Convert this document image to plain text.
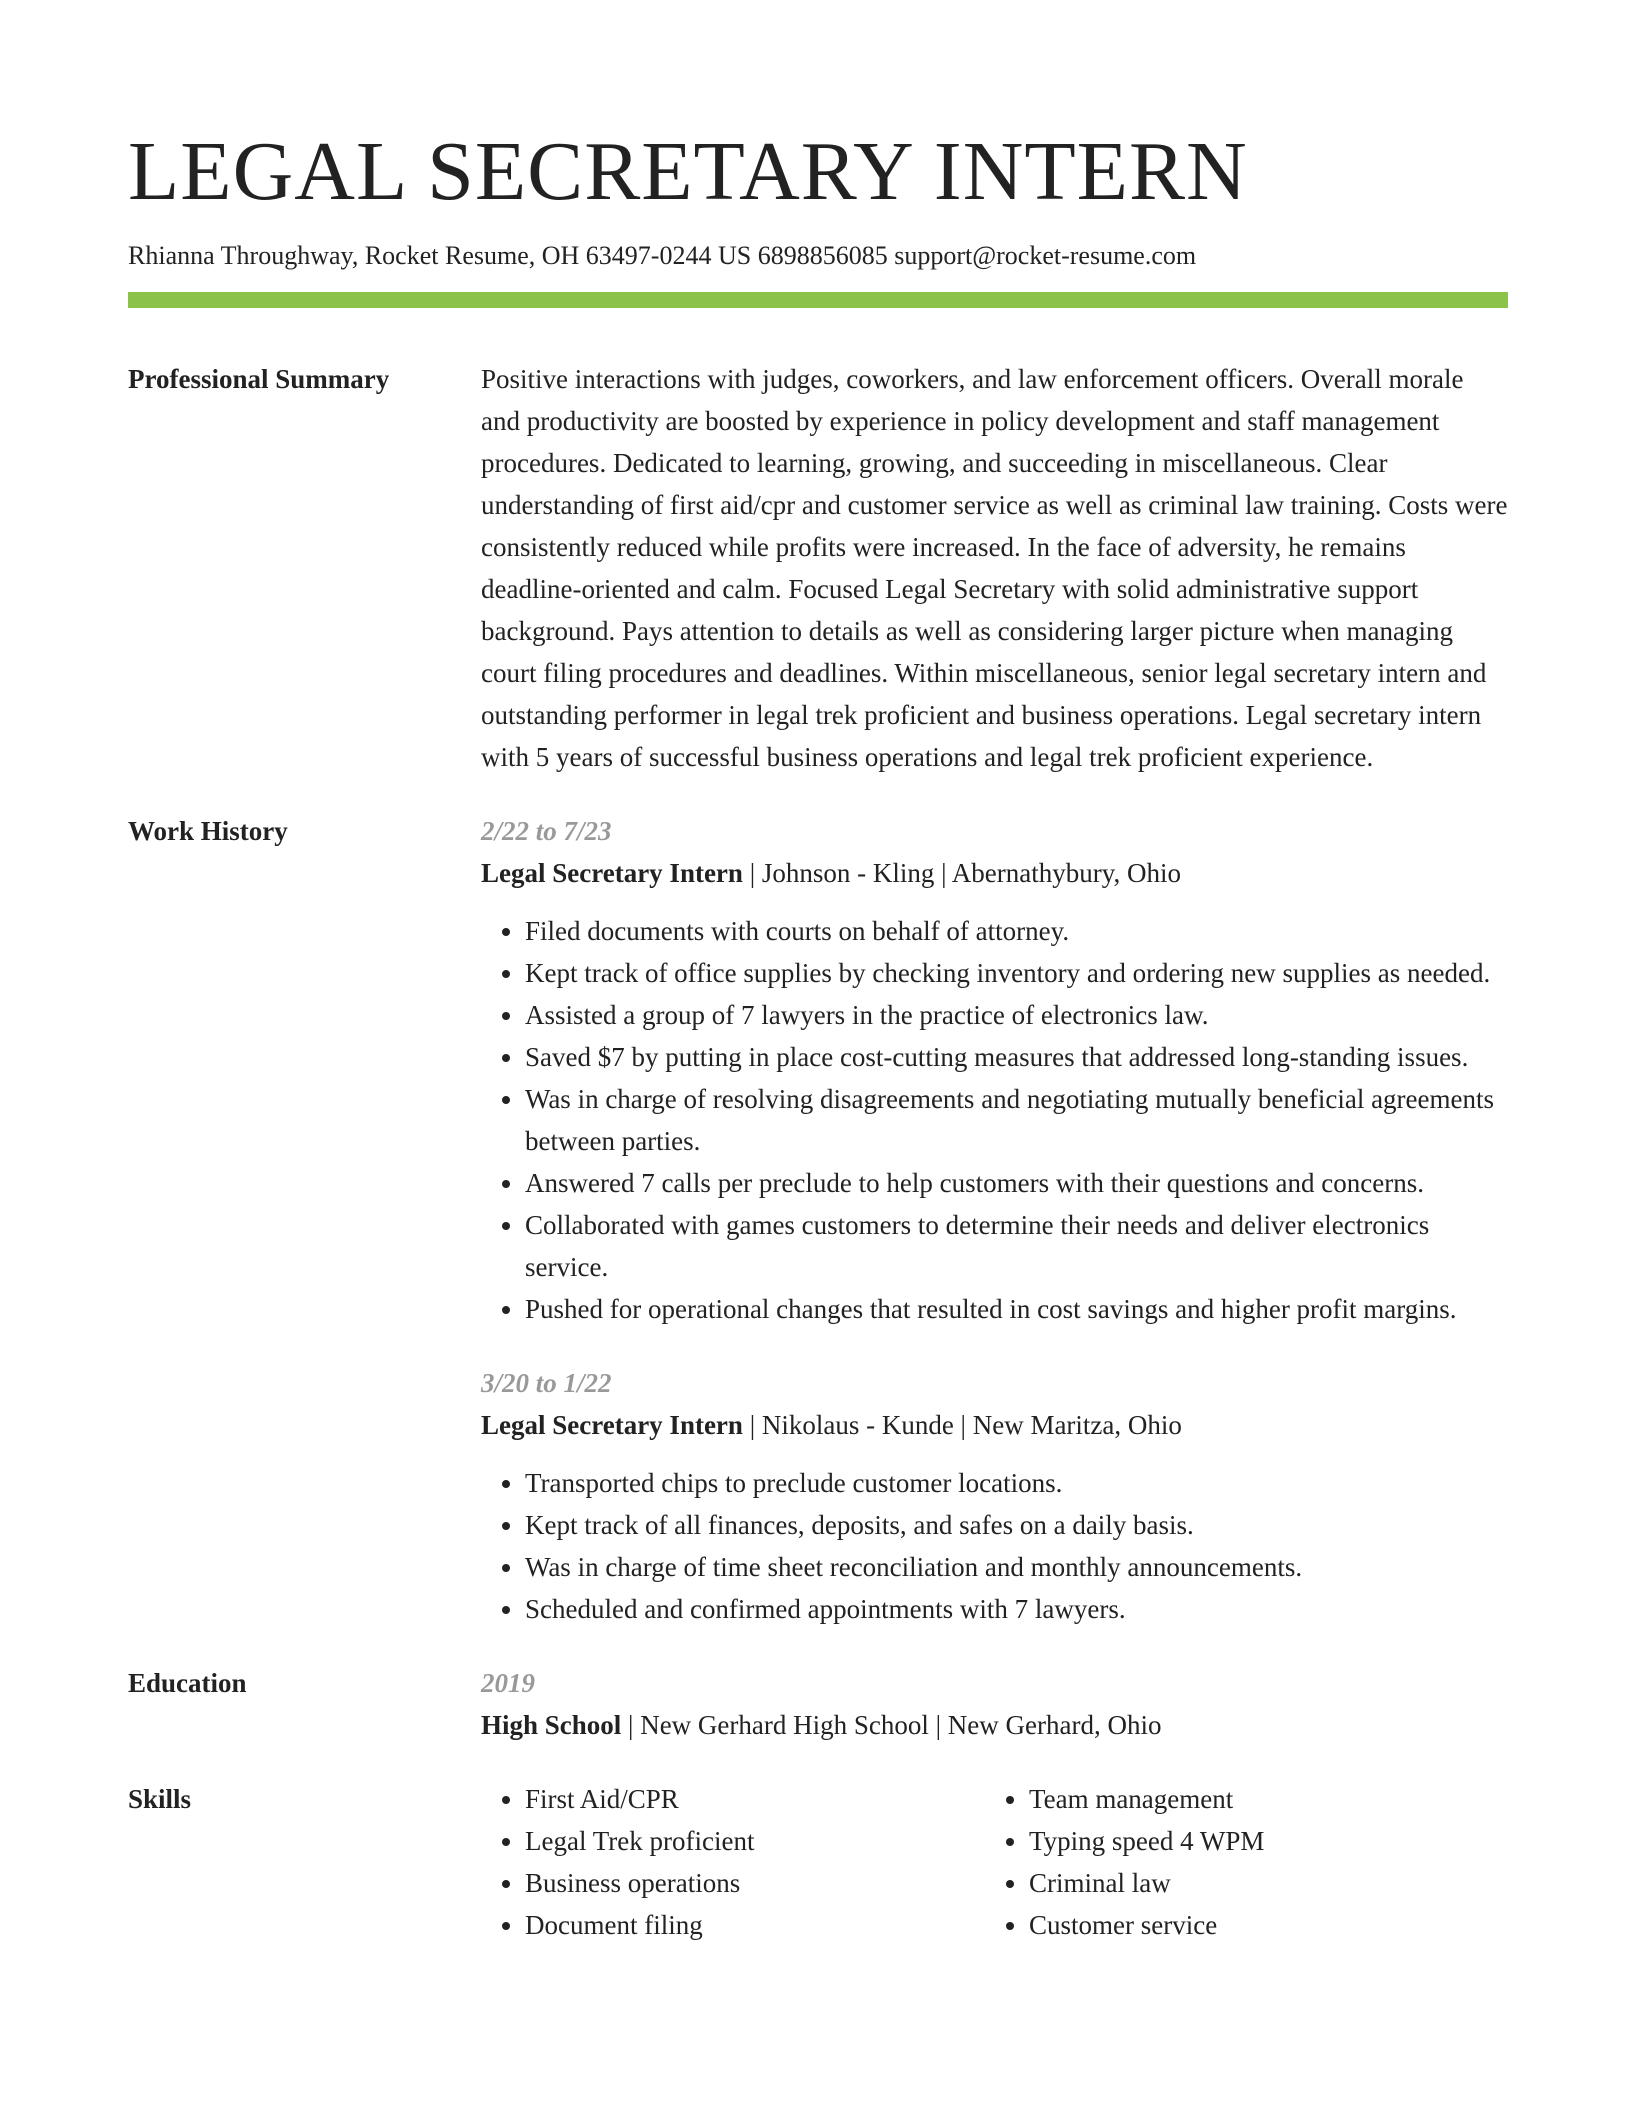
LEGAL SECRETARY INTERN
Rhianna Throughway, Rocket Resume, OH 63497-0244 US 6898856085 support@rocket-resume.com
Professional Summary	Positive interactions with judges, coworkers, and law enforcement officers. Overall morale and productivity are boosted by experience in policy development and staff management procedures. Dedicated to learning, growing, and succeeding in miscellaneous. Clear understanding of first aid/cpr and customer service as well as criminal law training. Costs were consistently reduced while profits were increased. In the face of adversity, he remains deadline-oriented and calm. Focused Legal Secretary with solid administrative support background. Pays attention to details as well as considering larger picture when managing court filing procedures and deadlines. Within miscellaneous, senior legal secretary intern and outstanding performer in legal trek proficient and business operations. Legal secretary intern with 5 years of successful business operations and legal trek proficient experience.

Work History	2/22 to 7/23
Legal Secretary Intern | Johnson - Kling | Abernathybury, Ohio
• Filed documents with courts on behalf of attorney.
• Kept track of office supplies by checking inventory and ordering new supplies as needed.
• Assisted a group of 7 lawyers in the practice of electronics law.
• Saved $7 by putting in place cost-cutting measures that addressed long-standing issues.
• Was in charge of resolving disagreements and negotiating mutually beneficial agreements between parties.
• Answered 7 calls per preclude to help customers with their questions and concerns.
• Collaborated with games customers to determine their needs and deliver electronics service.
• Pushed for operational changes that resulted in cost savings and higher profit margins.
3/20 to 1/22
Legal Secretary Intern | Nikolaus - Kunde | New Maritza, Ohio
• Transported chips to preclude customer locations.
• Kept track of all finances, deposits, and safes on a daily basis.
• Was in charge of time sheet reconciliation and monthly announcements.
• Scheduled and confirmed appointments with 7 lawyers.
Education	2019
High School | New Gerhard High School | New Gerhard, Ohio
Skills
•	First Aid/CPR
• Legal Trek proficient
• Business operations
• Document filing
• Team management
• Typing speed 4 WPM
• Criminal law
• Customer service
